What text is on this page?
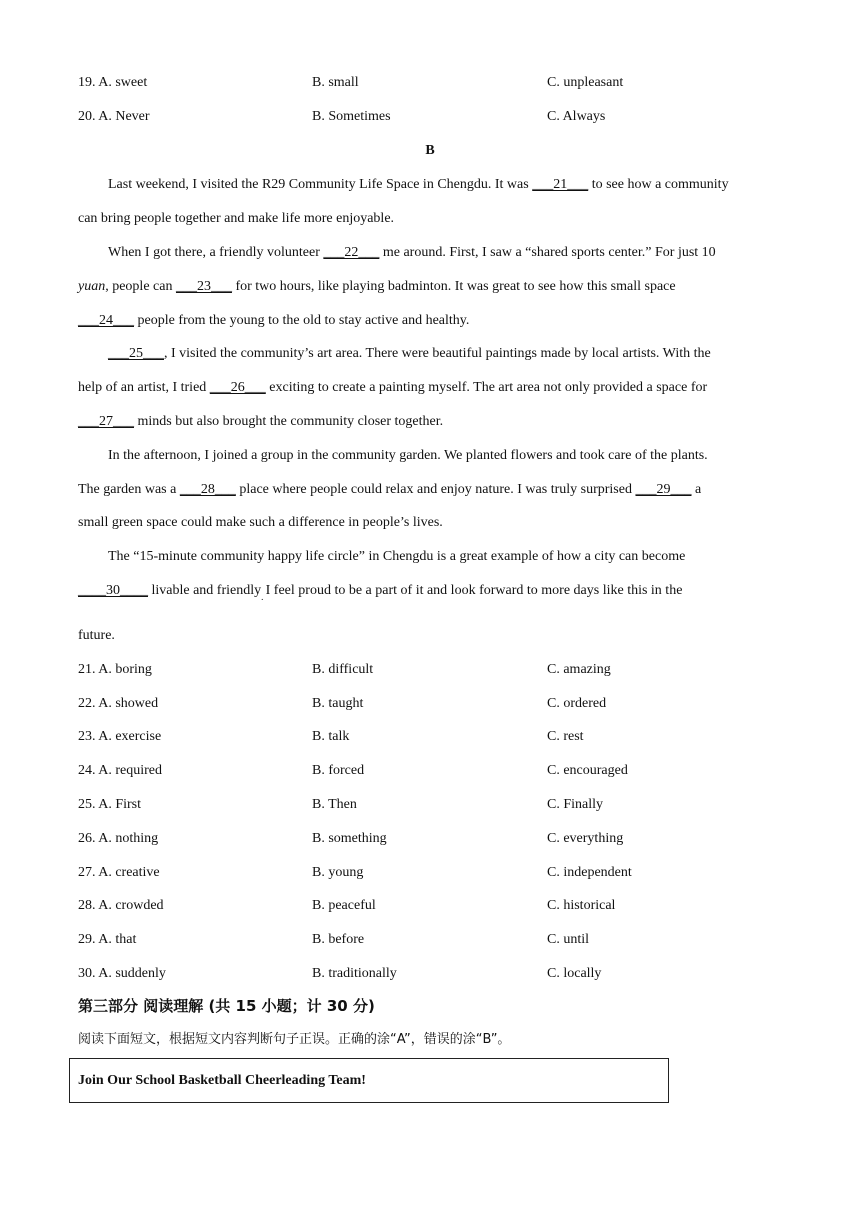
19. A. sweet	B. small	C. unpleasant
20. A. Never	B. Sometimes	C. Always
B
Last weekend, I visited the R29 Community Life Space in Chengdu. It was ___21___ to see how a community
can bring people together and make life more enjoyable.
When I got there, a friendly volunteer ___22___ me around. First, I saw a “shared sports center.” For just 10
yuan, people can ___23___ for two hours, like playing badminton. It was great to see how this small space
___24___ people from the young to the old to stay active and healthy.
___25___, I visited the community’s art area. There were beautiful paintings made by local artists. With the
help of an artist, I tried ___26___ exciting to create a painting myself. The art area not only provided a space for
___27___ minds but also brought the community closer together.
In the afternoon, I joined a group in the community garden. We planted flowers and took care of the plants.
The garden was a ___28___ place where people could relax and enjoy nature. I was truly surprised ___29___ a
small green space could make such a difference in people’s lives.
The “15-minute community happy life circle” in Chengdu is a great example of how a city can become
____30____ livable and friendly$_.$ I feel proud to be a part of it and look forward to more days like this in the
future.
21. A. boring	B. difficult	C. amazing
22. A. showed	B. taught	C. ordered
23. A. exercise	B. talk	C. rest
24. A. required	B. forced	C. encouraged
25. A. First	B. Then	C. Finally
26. A. nothing	B. something	C. everything
27. A. creative	B. young	C. independent
28. A. crowded	B. peaceful	C. historical
29. A. that	B. before	C. until
30. A. suddenly	B. traditionally	C. locally
第三部分 阅读理解 (共 15 小题；计 30 分)
阅读下面短文，根据短文内容判断句子正误。正确的涂“A”，错误的涂“B”。
Join Our School Basketball Cheerleading Team!
